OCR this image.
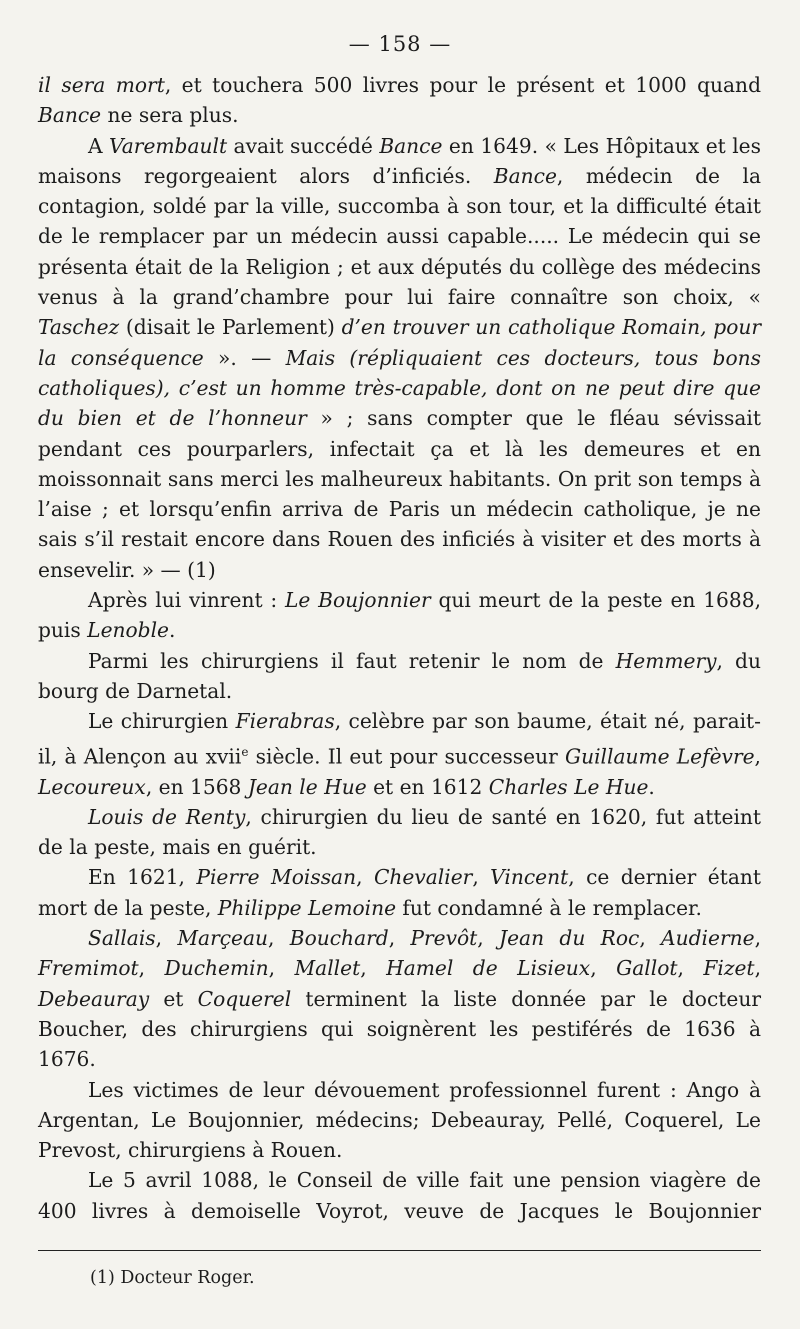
— 158 —

il sera mort, et touchera 500 livres pour le présent et 1000 quand Bance ne sera plus.

A Varembault avait succédé Bance en 1649. « Les Hôpitaux et les maisons regorgeaient alors d’inficiés. Bance, médecin de la contagion, soldé par la ville, succomba à son tour, et la difficulté était de le remplacer par un médecin aussi capable..... Le médecin qui se présenta était de la Religion ; et aux députés du collège des médecins venus à la grand’chambre pour lui faire connaître son choix, « Taschez (disait le Parlement) d’en trouver un catholique Romain, pour la conséquence ». — Mais (répliquaient ces docteurs, tous bons catholiques), c’est un homme très-capable, dont on ne peut dire que du bien et de l’honneur » ; sans compter que le fléau sévissait pendant ces pourparlers, infectait ça et là les demeures et en moissonnait sans merci les malheureux habitants. On prit son temps à l’aise ; et lorsqu’enfin arriva de Paris un médecin catholique, je ne sais s’il restait encore dans Rouen des inficiés à visiter et des morts à ensevelir. » — (1)

Après lui vinrent : Le Boujonnier qui meurt de la peste en 1688, puis Lenoble.

Parmi les chirurgiens il faut retenir le nom de Hemmery, du bourg de Darnetal.

Le chirurgien Fierabras, celèbre par son baume, était né, parait-il, à Alençon au xvii$^e$ siècle. Il eut pour successeur Guillaume Lefèvre, Lecoureux, en 1568 Jean le Hue et en 1612 Charles Le Hue.

Louis de Renty, chirurgien du lieu de santé en 1620, fut atteint de la peste, mais en guérit.

En 1621, Pierre Moissan, Chevalier, Vincent, ce dernier étant mort de la peste, Philippe Lemoine fut condamné à le remplacer.

Sallais, Marçeau, Bouchard, Prevôt, Jean du Roc, Audierne, Fremimot, Duchemin, Mallet, Hamel de Lisieux, Gallot, Fizet, Debeauray et Coquerel terminent la liste donnée par le docteur Boucher, des chirurgiens qui soignèrent les pestiférés de 1636 à 1676.

Les victimes de leur dévouement professionnel furent : Ango à Argentan, Le Boujonnier, médecins; Debeauray, Pellé, Coquerel, Le Prevost, chirurgiens à Rouen.

Le 5 avril 1088, le Conseil de ville fait une pension viagère de 400 livres à demoiselle Voyrot, veuve de Jacques le Boujonnier

(1) Docteur Roger.
